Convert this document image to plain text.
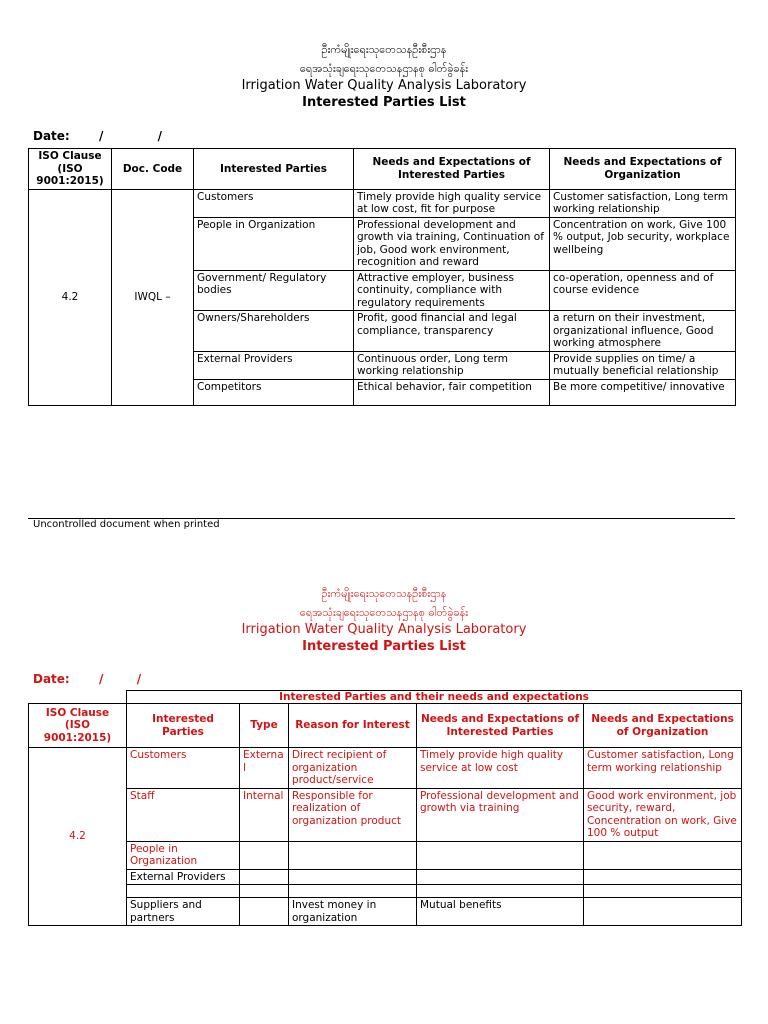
ဦးကံမျိုးရေးသုတေသနဦးစီးဌာန
ရေအသုံးချရေးသုတေသနဌာနစု ဓါတ်ခွဲခန်း
Irrigation Water Quality Analysis Laboratory
Interested Parties List
Date:       /             /
ISO Clause (ISO 9001:2015)	Doc. Code	Interested Parties	Needs and Expectations of Interested Parties	Needs and Expectations of Organization
4.2	IWQL –	Customers	Timely provide high quality service at low cost, fit for purpose	Customer satisfaction, Long term working relationship
		People in Organization	Professional development and growth via training, Continuation of job, Good work environment, recognition and reward	Concentration on work, Give 100 % output, Job security, workplace wellbeing
		Government/ Regulatory bodies	Attractive employer, business continuity, compliance with regulatory requirements	co-operation, openness and of course evidence
		Owners/Shareholders	Profit, good financial and legal compliance, transparency	a return on their investment, organizational influence, Good working atmosphere
		External Providers	Continuous order, Long term working relationship	Provide supplies on time/ a mutually beneficial relationship
		Competitors	Ethical behavior, fair competition	Be more competitive/ innovative
Uncontrolled document when printed
ဦးကံမျိုးရေးသုတေသနဦးစီးဌာန
ရေအသုံးချရေးသုတေသနဌာနစု ဓါတ်ခွဲခန်း
Irrigation Water Quality Analysis Laboratory
Interested Parties List
Date:       /        /
	Interested Parties and their needs and expectations				
ISO Clause (ISO 9001:2015)	Interested Parties	Type	Reason for Interest	Needs and Expectations of Interested Parties	Needs and Expectations of Organization
4.2	Customers	External	Direct recipient of organization product/service	Timely provide high quality service at low cost	Customer satisfaction, Long term working relationship
	Staff	Internal	Responsible for realization of organization product	Professional development and growth via training	Good work environment, job security, reward, Concentration on work, Give 100 % output
	People in Organization				
	External Providers				

	Suppliers and partners		Invest money in organization	Mutual benefits	
